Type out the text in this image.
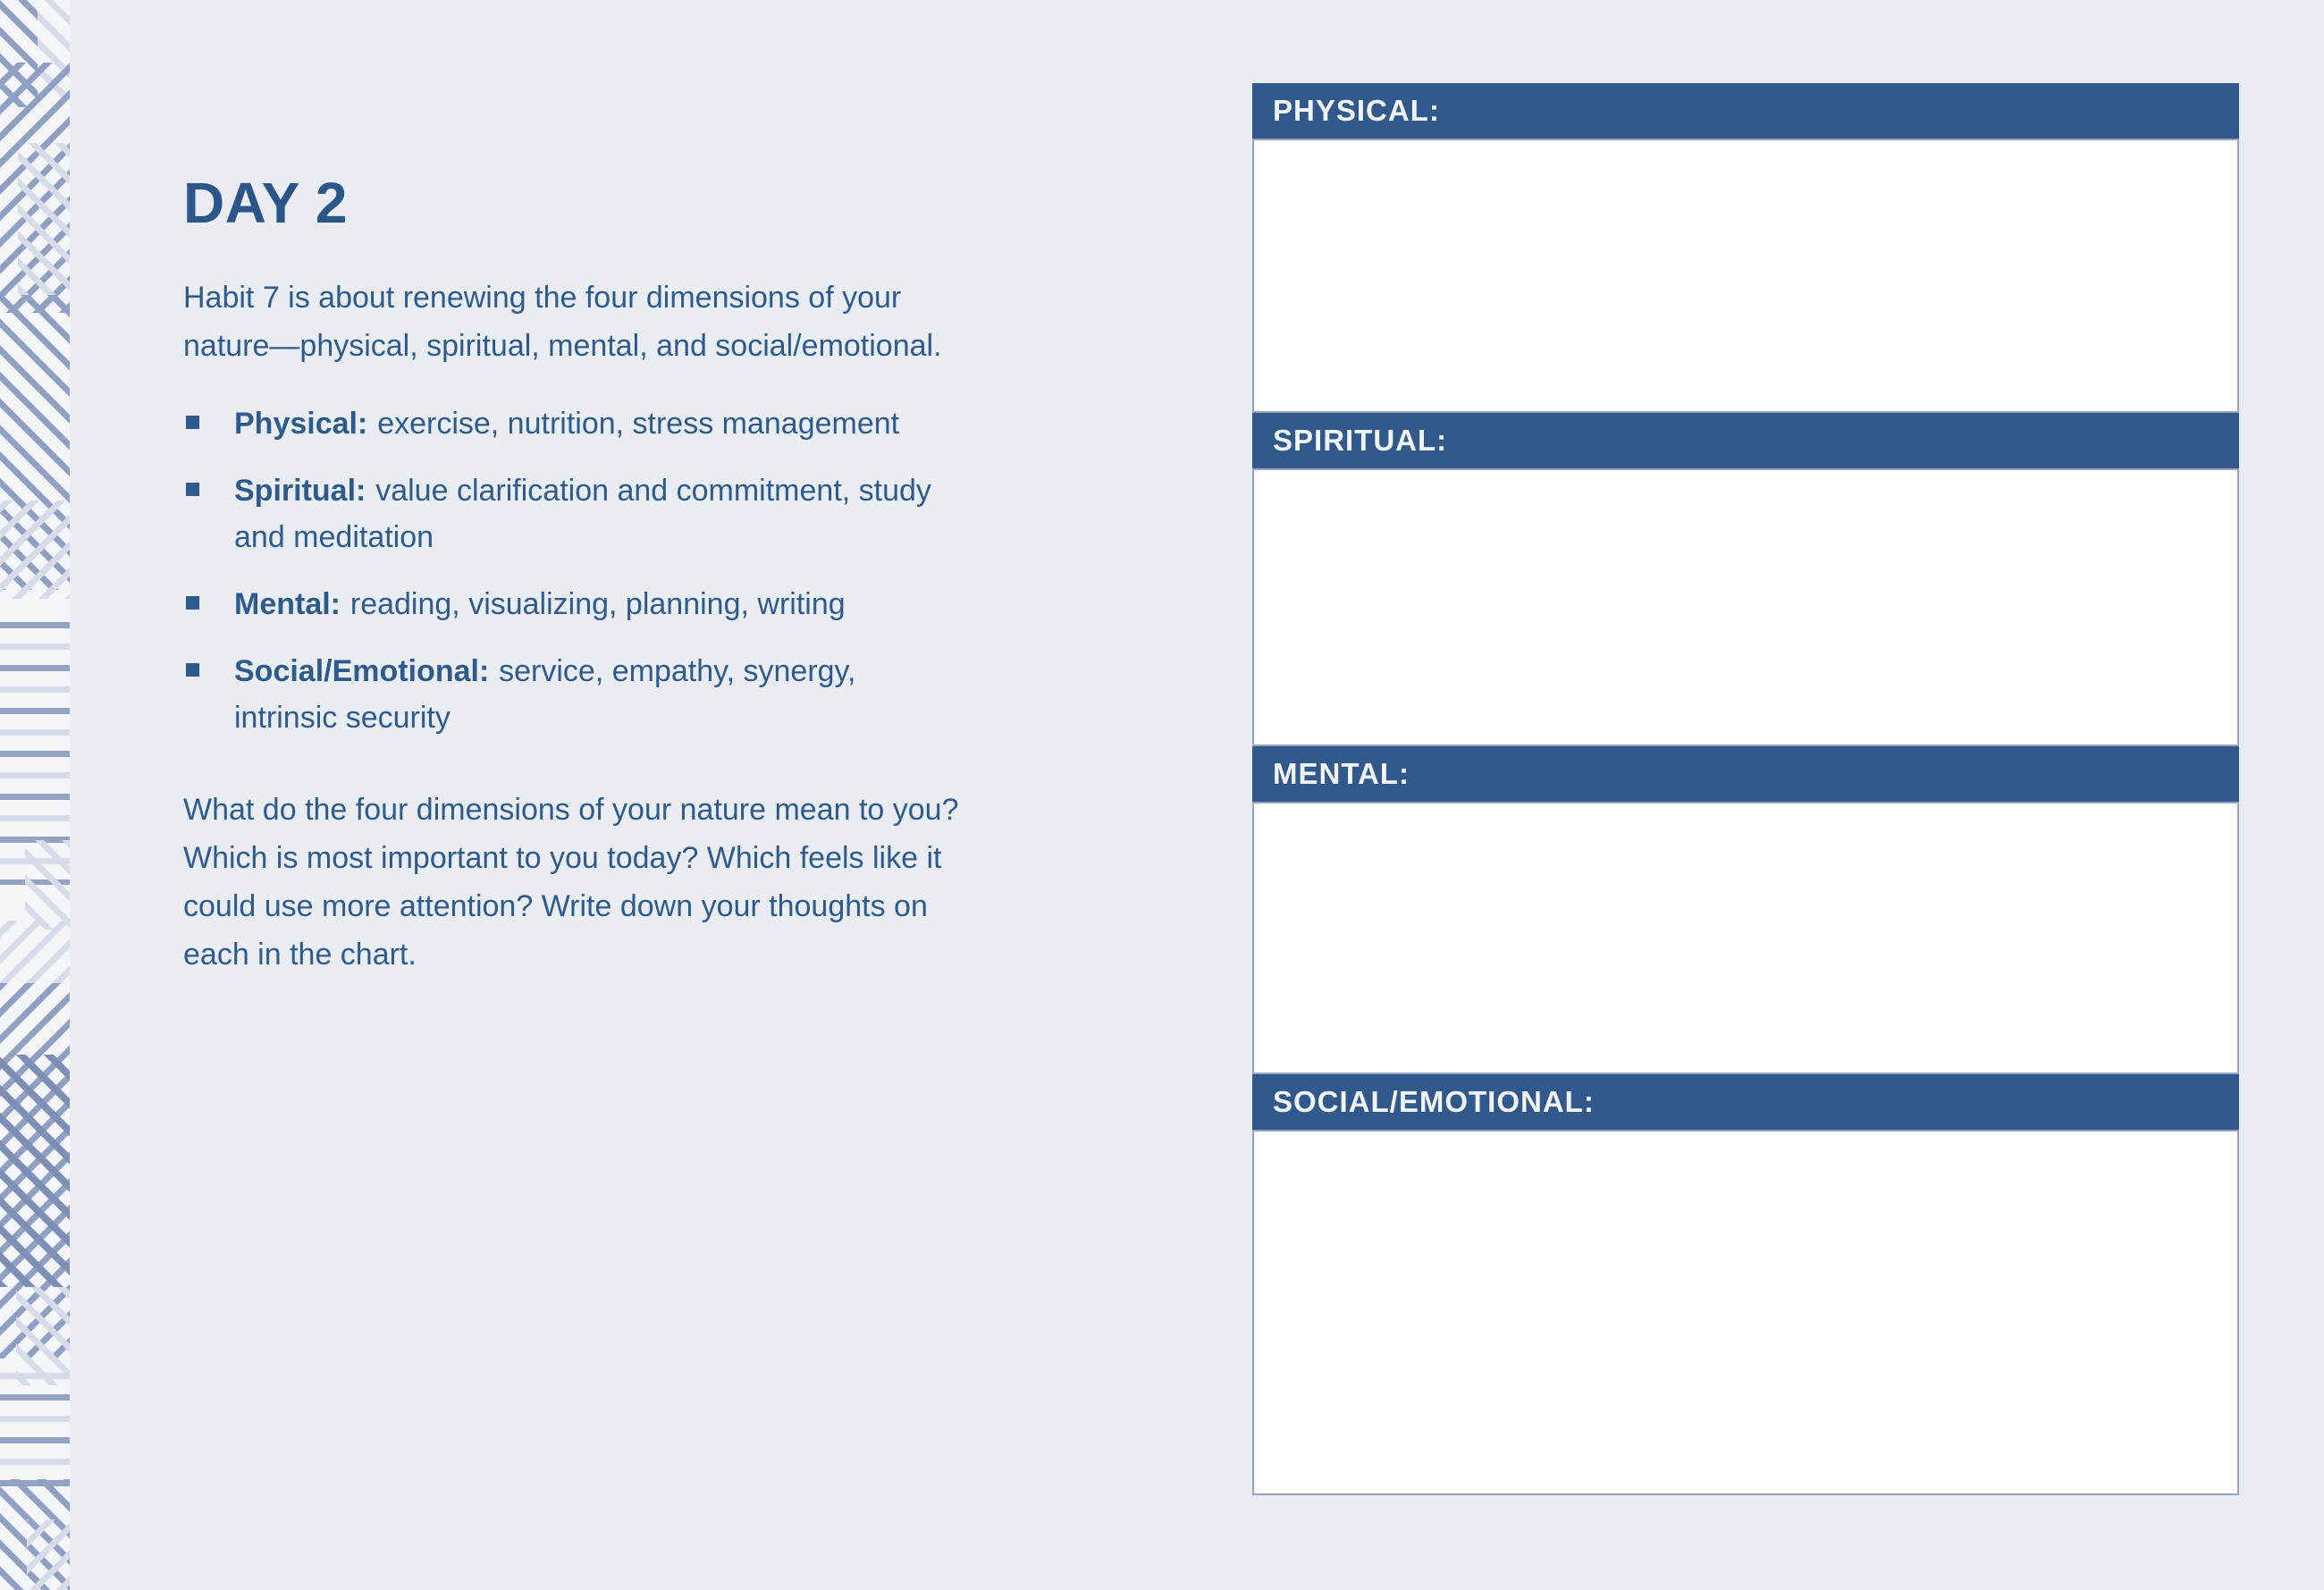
DAY 2

Habit 7 is about renewing the four dimensions of your nature—physical, spiritual, mental, and social/emotional.

Physical: exercise, nutrition, stress management

Spiritual: value clarification and commitment, study and meditation

Mental: reading, visualizing, planning, writing

Social/Emotional: service, empathy, synergy, intrinsic security

What do the four dimensions of your nature mean to you? Which is most important to you today? Which feels like it could use more attention? Write down your thoughts on each in the chart.

PHYSICAL:
SPIRITUAL:
MENTAL:
SOCIAL/EMOTIONAL:
